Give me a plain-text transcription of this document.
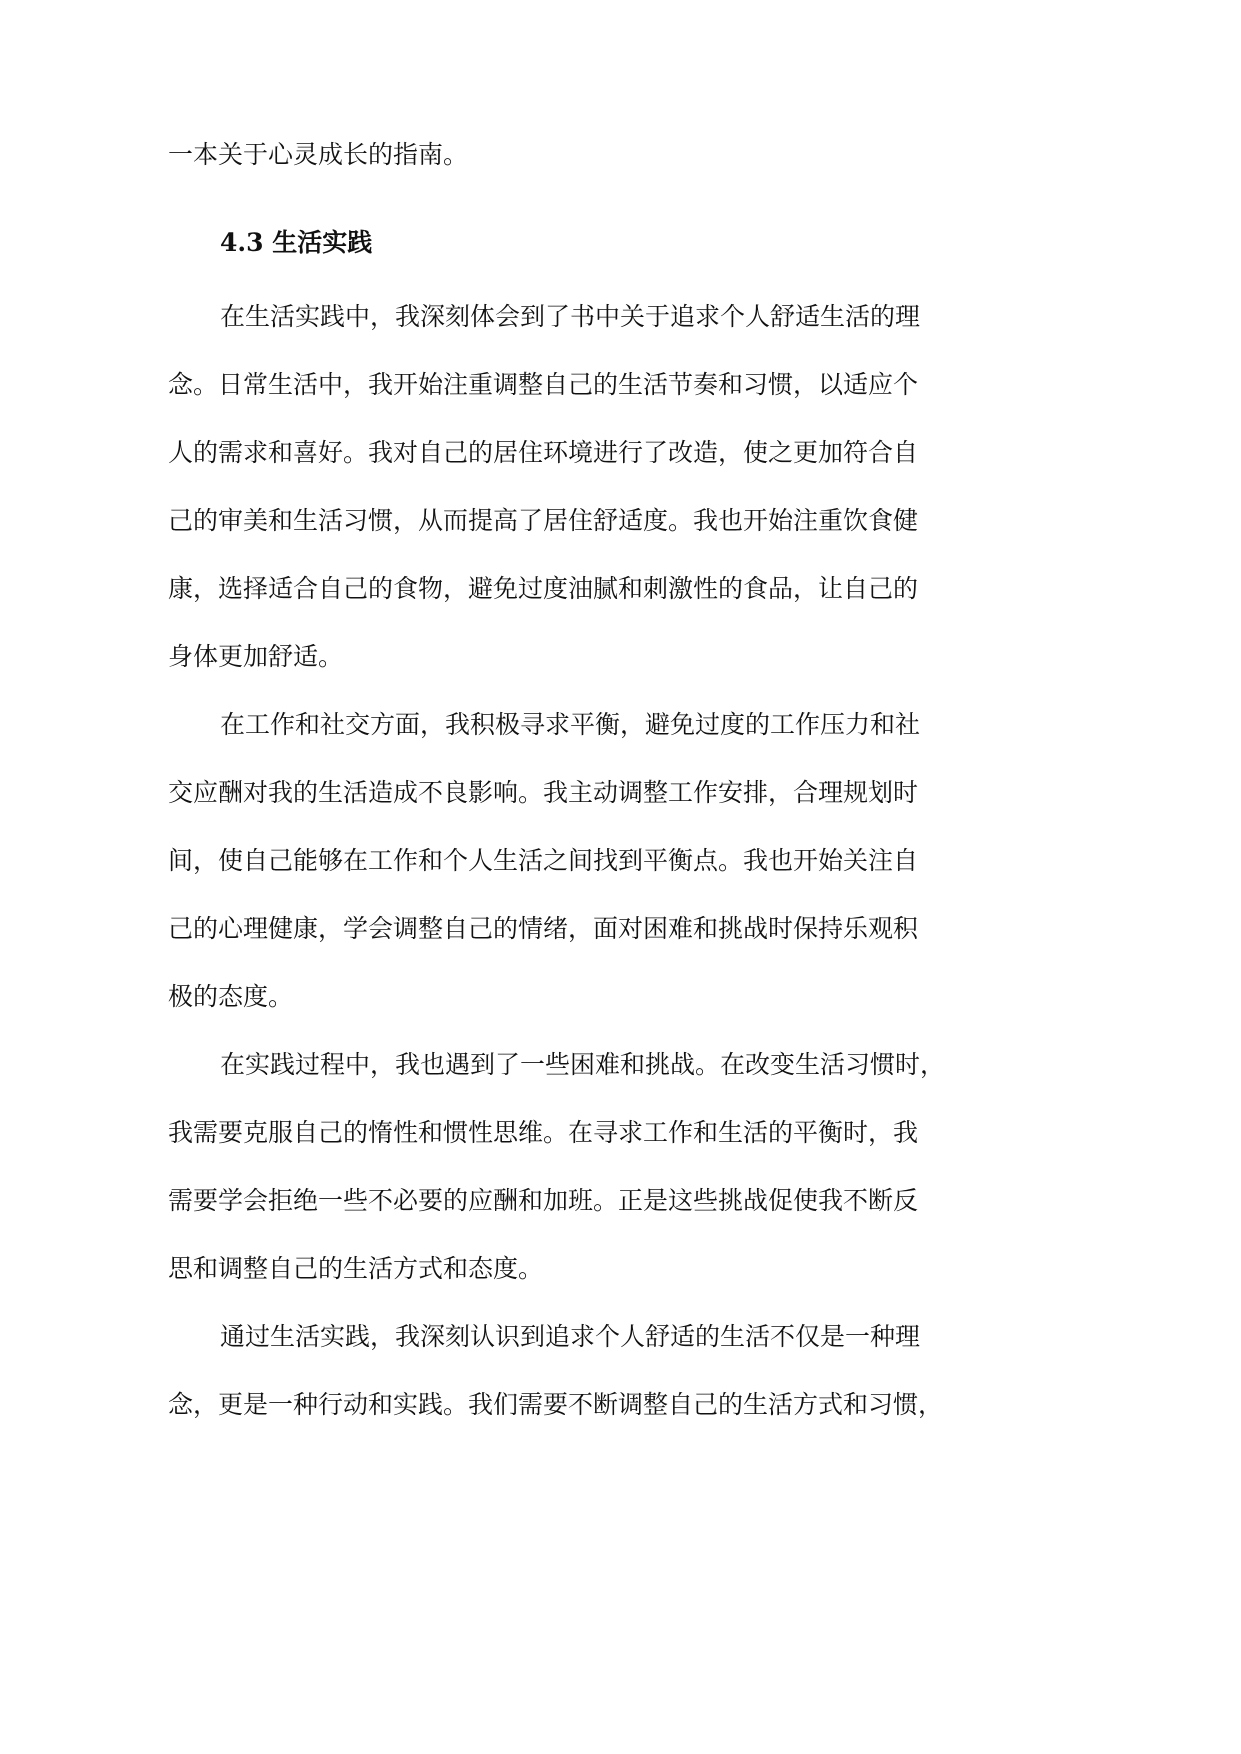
一本关于心灵成长的指南。
4.3 生活实践
在生活实践中，我深刻体会到了书中关于追求个人舒适生活的理
念。日常生活中，我开始注重调整自己的生活节奏和习惯，以适应个
人的需求和喜好。我对自己的居住环境进行了改造，使之更加符合自
己的审美和生活习惯，从而提高了居住舒适度。我也开始注重饮食健
康，选择适合自己的食物，避免过度油腻和刺激性的食品，让自己的
身体更加舒适。
在工作和社交方面，我积极寻求平衡，避免过度的工作压力和社
交应酬对我的生活造成不良影响。我主动调整工作安排，合理规划时
间，使自己能够在工作和个人生活之间找到平衡点。我也开始关注自
己的心理健康，学会调整自己的情绪，面对困难和挑战时保持乐观积
极的态度。
在实践过程中，我也遇到了一些困难和挑战。在改变生活习惯时，
我需要克服自己的惰性和惯性思维。在寻求工作和生活的平衡时，我
需要学会拒绝一些不必要的应酬和加班。正是这些挑战促使我不断反
思和调整自己的生活方式和态度。
通过生活实践，我深刻认识到追求个人舒适的生活不仅是一种理
念，更是一种行动和实践。我们需要不断调整自己的生活方式和习惯，
